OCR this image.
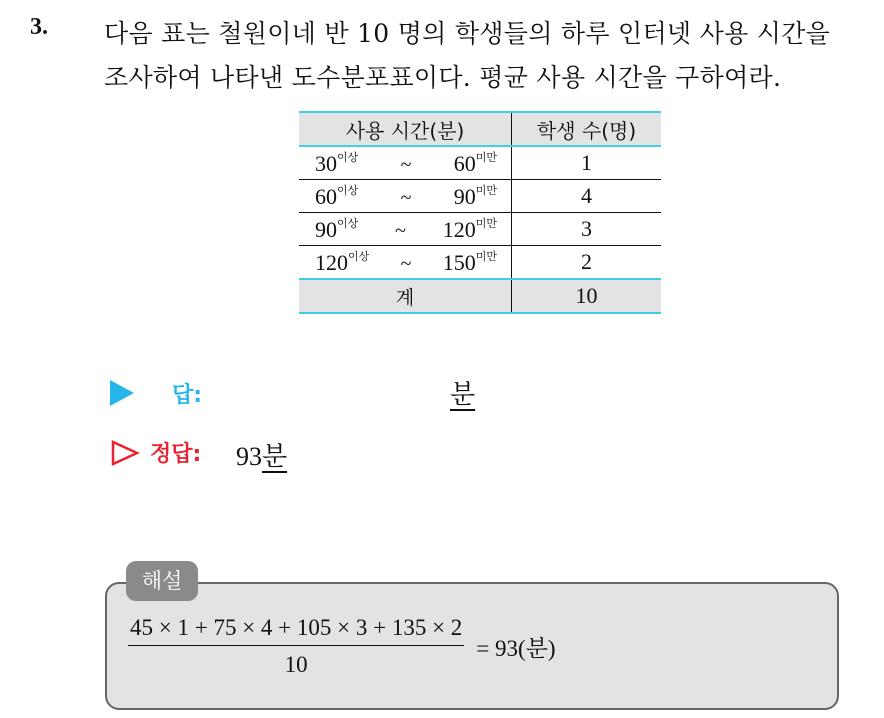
3. 다음 표는 철원이네 반 10 명의 학생들의 하루 인터넷 사용 시간을
조사하여 나타낸 도수분포표이다. 평균 사용 시간을 구하여라.
사용 시간(분)	학생 수(명)

$30^{이상}$ ~ $60^{미만}$	1

$60^{이상}$ ~ $90^{미만}$	4

$90^{이상}$ ~ $120^{미만}$	3

$120^{이상}$ ~ $150^{미만}$	2
계	10
답:	분
정답: 93분
해설
$\frac{45 \times 1 + 75 \times 4 + 105 \times 3 + 135 \times 2}{10} = 93$(분)
